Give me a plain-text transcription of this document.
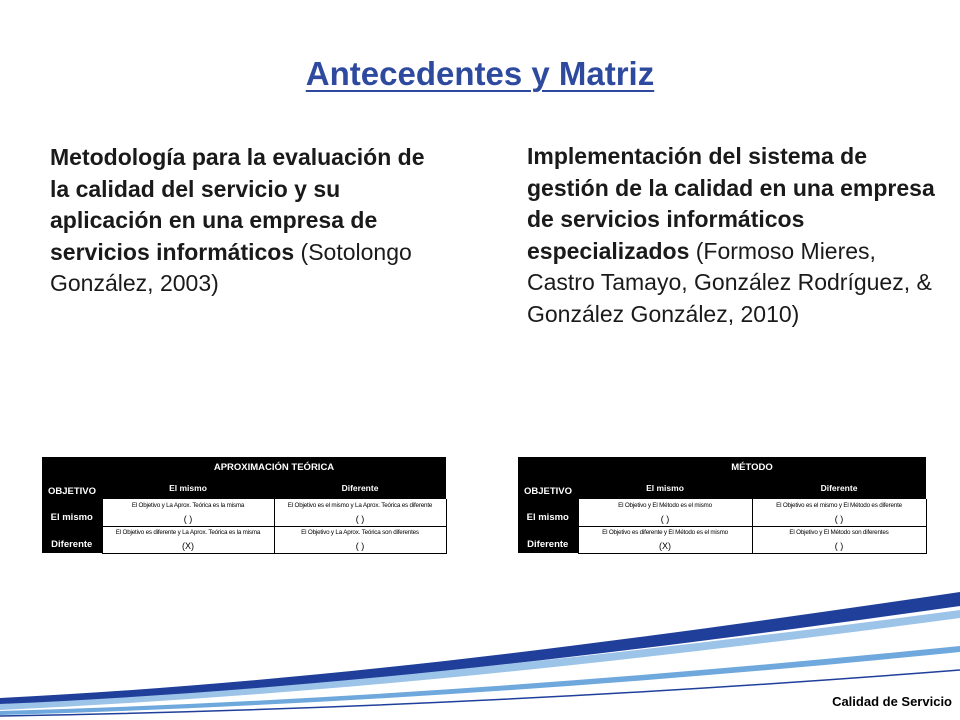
Antecedentes y Matriz
Metodología para la evaluación de la calidad del servicio y su aplicación en una empresa de servicios informáticos (Sotolongo González, 2003)
Implementación del sistema de gestión de la calidad en una empresa de servicios informáticos especializados (Formoso Mieres, Castro Tamayo, González Rodríguez, & González González, 2010)
OBJETIVO	APROXIMACIÓN TEÓRICA	
	El mismo	Diferente
El mismo	El Objetivo y La Aprox. Teórica es la misma	El Objetivo es el mismo y La Aprox. Teórica es diferente
	( )	( )
Diferente	El Objetivo es diferente y La Aprox. Teórica es la misma	El Objetivo y La Aprox. Teórica son diferentes
	(X)	( )
OBJETIVO	MÉTODO	
	El mismo	Diferente
El mismo	El Objetivo y El Método es el mismo	El Objetivo es el mismo y El Método es diferente
	( )	( )
Diferente	El Objetivo es diferente y El Método es el mismo	El Objetivo y El Método son diferentes
	(X)	( )
Calidad de Servicio
